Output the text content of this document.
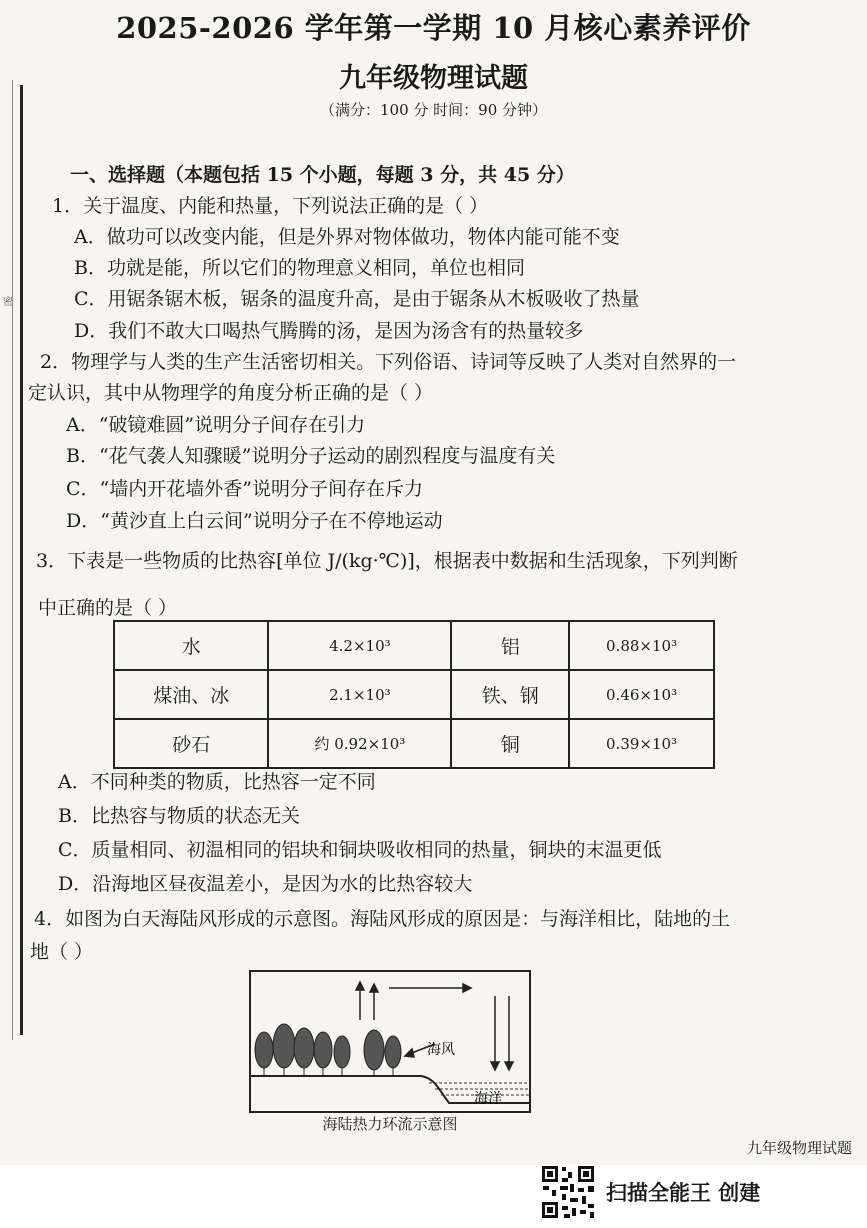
密
2025-2026 学年第一学期 10 月核心素养评价
九年级物理试题
（满分：100 分 时间：90 分钟）
一、选择题（本题包括 15 个小题，每题 3 分，共 45 分）
1．关于温度、内能和热量，下列说法正确的是（ ）
A．做功可以改变内能，但是外界对物体做功，物体内能可能不变
B．功就是能，所以它们的物理意义相同，单位也相同
C．用锯条锯木板，锯条的温度升高，是由于锯条从木板吸收了热量
D．我们不敢大口喝热气腾腾的汤，是因为汤含有的热量较多
2．物理学与人类的生产生活密切相关。下列俗语、诗词等反映了人类对自然界的一
定认识，其中从物理学的角度分析正确的是（ ）
A．“破镜难圆”说明分子间存在引力
B．“花气袭人知骤暖”说明分子运动的剧烈程度与温度有关
C．“墙内开花墙外香”说明分子间存在斥力
D．“黄沙直上白云间”说明分子在不停地运动
3．下表是一些物质的比热容[单位 J/(kg·℃)]，根据表中数据和生活现象，下列判断
中正确的是（ ）
水	4.2×10³	铝	0.88×10³
煤油、冰	2.1×10³	铁、钢	0.46×10³
砂石	约 0.92×10³	铜	0.39×10³
A．不同种类的物质，比热容一定不同
B．比热容与物质的状态无关
C．质量相同、初温相同的铝块和铜块吸收相同的热量，铜块的末温更低
D．沿海地区昼夜温差小，是因为水的比热容较大
4．如图为白天海陆风形成的示意图。海陆风形成的原因是：与海洋相比，陆地的土
地（ ）
海风
海洋
海陆热力环流示意图
九年级物理试题
扫描全能王 创建
